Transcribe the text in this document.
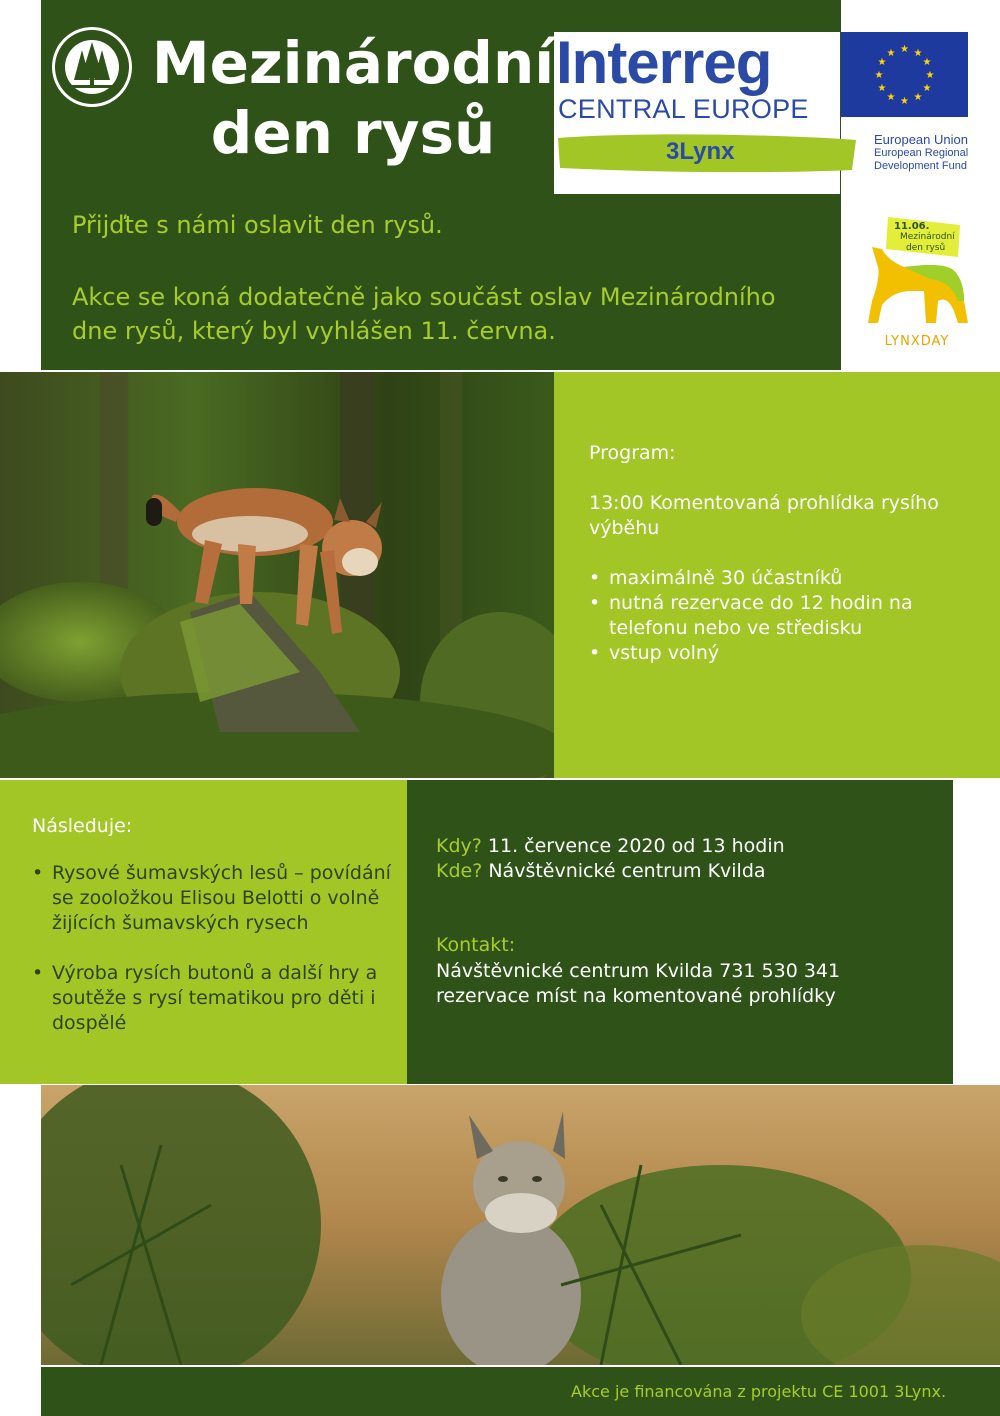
Mezinárodní
den rysů
Přijďte s námi oslavit den rysů.
Akce se koná dodatečně jako součást oslav Mezinárodního dne rysů, který byl vyhlášen 11. června.
Interreg
CENTRAL EUROPE
3Lynx
★ ★
★
★
★
★
★
★
★
★
★
★
European Union
European Regional
Development Fund
11.06.
Mezinárodní
den rysů
LYNXDAY
Program:
13:00 Komentovaná prohlídka rysího výběhu
• maximálně 30 účastníků
• nutná rezervace do 12 hodin na telefonu nebo ve středisku
• vstup volný
Následuje:
• Rysové šumavských lesů – povídání se zooložkou Elisou Belotti o volně žijících šumavských rysech
• Výroba rysích butonů a další hry a soutěže s rysí tematikou pro děti i dospělé
Kdy? 11. července 2020 od 13 hodin
Kde? Návštěvnické centrum Kvilda
Kontakt:
Návštěvnické centrum Kvilda 731 530 341
rezervace míst na komentované prohlídky
Akce je financována z projektu CE 1001 3Lynx.
